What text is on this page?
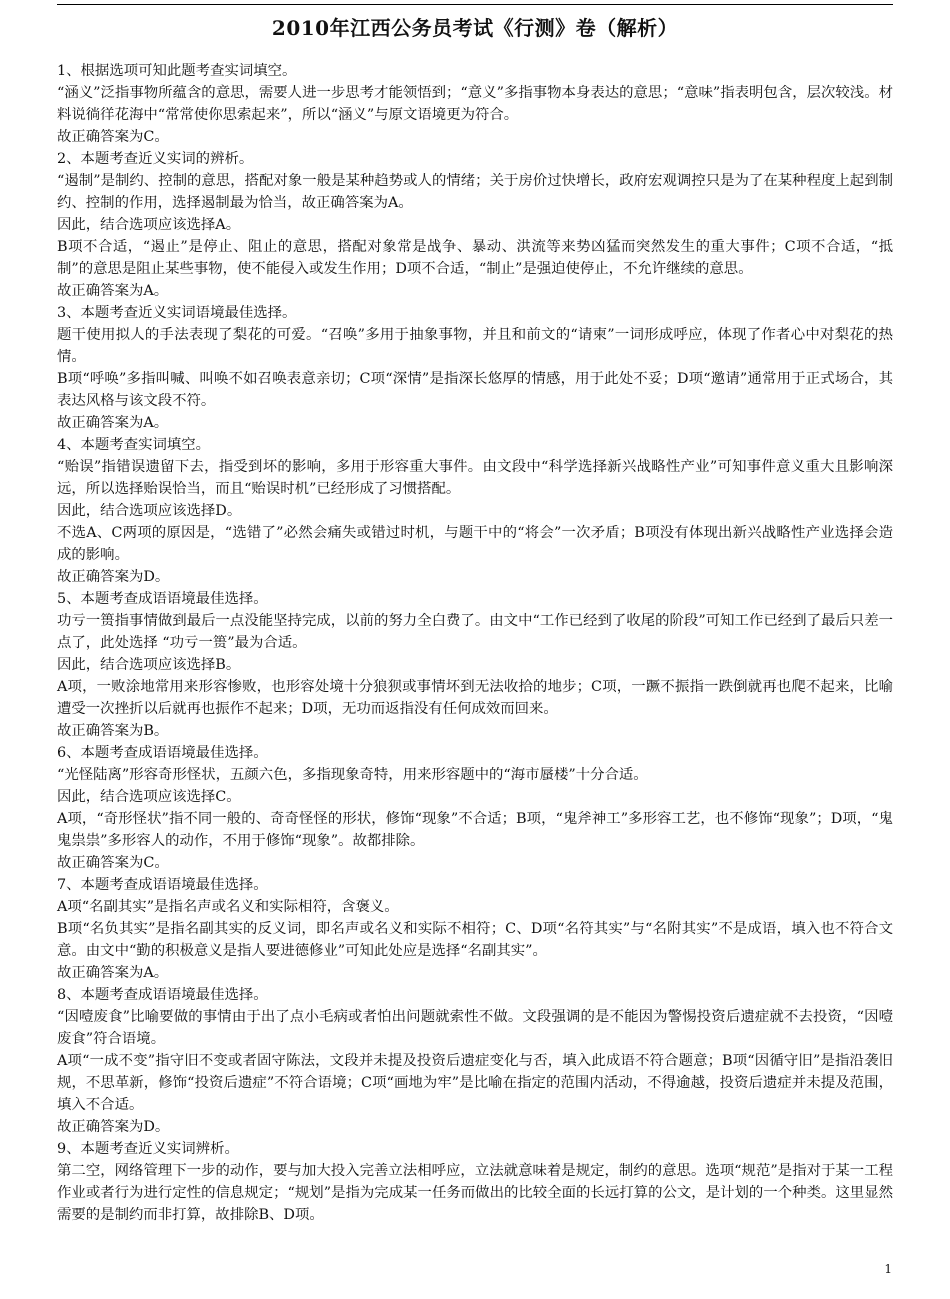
2010年江西公务员考试《行测》卷（解析）

1、根据选项可知此题考查实词填空。

“涵义”泛指事物所蕴含的意思，需要人进一步思考才能领悟到；“意义”多指事物本身表达的意思；“意味”指表明包含，层次较浅。材料说徜徉花海中“常常使你思索起来”，所以“涵义”与原文语境更为符合。

故正确答案为C。

2、本题考查近义实词的辨析。

“遏制”是制约、控制的意思，搭配对象一般是某种趋势或人的情绪；关于房价过快增长，政府宏观调控只是为了在某种程度上起到制约、控制的作用，选择遏制最为恰当，故正确答案为A。

因此，结合选项应该选择A。

B项不合适，“遏止”是停止、阻止的意思，搭配对象常是战争、暴动、洪流等来势凶猛而突然发生的重大事件；C项不合适，“抵制”的意思是阻止某些事物，使不能侵入或发生作用；D项不合适，“制止”是强迫使停止，不允许继续的意思。

故正确答案为A。

3、本题考查近义实词语境最佳选择。

题干使用拟人的手法表现了梨花的可爱。“召唤”多用于抽象事物，并且和前文的“请柬”一词形成呼应，体现了作者心中对梨花的热情。

B项“呼唤”多指叫喊、叫唤不如召唤表意亲切；C项“深情”是指深长悠厚的情感，用于此处不妥；D项“邀请”通常用于正式场合，其表达风格与该文段不符。

故正确答案为A。

4、本题考查实词填空。

“贻误”指错误遗留下去，指受到坏的影响，多用于形容重大事件。由文段中“科学选择新兴战略性产业”可知事件意义重大且影响深远，所以选择贻误恰当，而且“贻误时机”已经形成了习惯搭配。

因此，结合选项应该选择D。

不选A、C两项的原因是，“选错了”必然会痛失或错过时机，与题干中的“将会”一次矛盾；B项没有体现出新兴战略性产业选择会造成的影响。

故正确答案为D。

5、本题考查成语语境最佳选择。

功亏一篑指事情做到最后一点没能坚持完成，以前的努力全白费了。由文中“工作已经到了收尾的阶段”可知工作已经到了最后只差一点了，此处选择 “功亏一篑”最为合适。

因此，结合选项应该选择B。

A项，一败涂地常用来形容惨败，也形容处境十分狼狈或事情坏到无法收拾的地步；C项，一蹶不振指一跌倒就再也爬不起来，比喻遭受一次挫折以后就再也振作不起来；D项，无功而返指没有任何成效而回来。

故正确答案为B。

6、本题考查成语语境最佳选择。

“光怪陆离”形容奇形怪状，五颜六色，多指现象奇特，用来形容题中的“海市蜃楼”十分合适。

因此，结合选项应该选择C。

A项，“奇形怪状”指不同一般的、奇奇怪怪的形状，修饰“现象”不合适；B项，“鬼斧神工”多形容工艺，也不修饰“现象”；D项，“鬼鬼祟祟”多形容人的动作，不用于修饰“现象”。故都排除。

故正确答案为C。

7、本题考查成语语境最佳选择。

A项“名副其实”是指名声或名义和实际相符，含褒义。

B项“名负其实”是指名副其实的反义词，即名声或名义和实际不相符；C、D项“名符其实”与“名附其实”不是成语，填入也不符合文意。由文中“勤的积极意义是指人要进德修业”可知此处应是选择“名副其实”。

故正确答案为A。

8、本题考查成语语境最佳选择。

“因噎废食”比喻要做的事情由于出了点小毛病或者怕出问题就索性不做。文段强调的是不能因为警惕投资后遗症就不去投资，“因噎废食”符合语境。

A项“一成不变”指守旧不变或者固守陈法，文段并未提及投资后遗症变化与否，填入此成语不符合题意；B项“因循守旧”是指沿袭旧规，不思革新，修饰“投资后遗症”不符合语境；C项“画地为牢”是比喻在指定的范围内活动，不得逾越，投资后遗症并未提及范围，填入不合适。

故正确答案为D。

9、本题考查近义实词辨析。

第二空，网络管理下一步的动作，要与加大投入完善立法相呼应，立法就意味着是规定，制约的意思。选项“规范”是指对于某一工程作业或者行为进行定性的信息规定；“规划”是指为完成某一任务而做出的比较全面的长远打算的公文，是计划的一个种类。这里显然需要的是制约而非打算，故排除B、D项。

1
